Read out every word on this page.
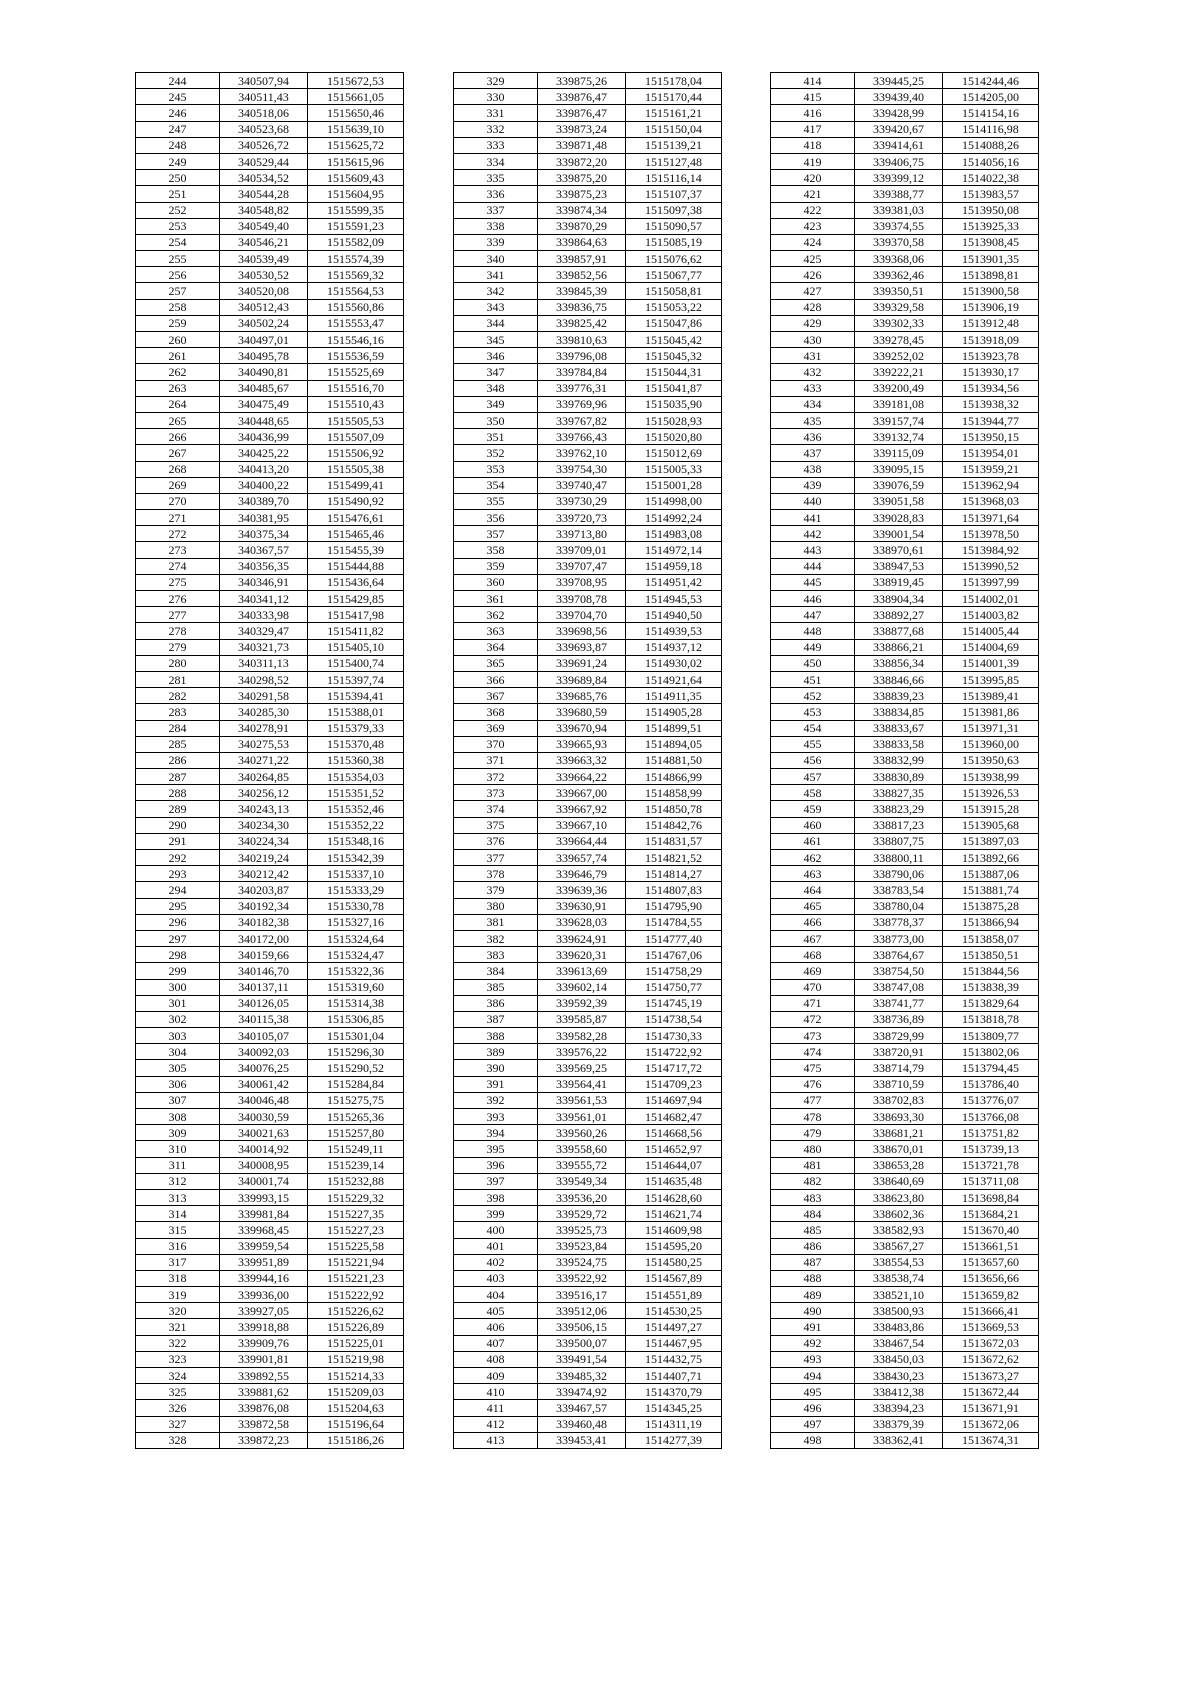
244	340507,94	1515672,53
245	340511,43	1515661,05
246	340518,06	1515650,46
247	340523,68	1515639,10
248	340526,72	1515625,72
249	340529,44	1515615,96
250	340534,52	1515609,43
251	340544,28	1515604,95
252	340548,82	1515599,35
253	340549,40	1515591,23
254	340546,21	1515582,09
255	340539,49	1515574,39
256	340530,52	1515569,32
257	340520,08	1515564,53
258	340512,43	1515560,86
259	340502,24	1515553,47
260	340497,01	1515546,16
261	340495,78	1515536,59
262	340490,81	1515525,69
263	340485,67	1515516,70
264	340475,49	1515510,43
265	340448,65	1515505,53
266	340436,99	1515507,09
267	340425,22	1515506,92
268	340413,20	1515505,38
269	340400,22	1515499,41
270	340389,70	1515490,92
271	340381,95	1515476,61
272	340375,34	1515465,46
273	340367,57	1515455,39
274	340356,35	1515444,88
275	340346,91	1515436,64
276	340341,12	1515429,85
277	340333,98	1515417,98
278	340329,47	1515411,82
279	340321,73	1515405,10
280	340311,13	1515400,74
281	340298,52	1515397,74
282	340291,58	1515394,41
283	340285,30	1515388,01
284	340278,91	1515379,33
285	340275,53	1515370,48
286	340271,22	1515360,38
287	340264,85	1515354,03
288	340256,12	1515351,52
289	340243,13	1515352,46
290	340234,30	1515352,22
291	340224,34	1515348,16
292	340219,24	1515342,39
293	340212,42	1515337,10
294	340203,87	1515333,29
295	340192,34	1515330,78
296	340182,38	1515327,16
297	340172,00	1515324,64
298	340159,66	1515324,47
299	340146,70	1515322,36
300	340137,11	1515319,60
301	340126,05	1515314,38
302	340115,38	1515306,85
303	340105,07	1515301,04
304	340092,03	1515296,30
305	340076,25	1515290,52
306	340061,42	1515284,84
307	340046,48	1515275,75
308	340030,59	1515265,36
309	340021,63	1515257,80
310	340014,92	1515249,11
311	340008,95	1515239,14
312	340001,74	1515232,88
313	339993,15	1515229,32
314	339981,84	1515227,35
315	339968,45	1515227,23
316	339959,54	1515225,58
317	339951,89	1515221,94
318	339944,16	1515221,23
319	339936,00	1515222,92
320	339927,05	1515226,62
321	339918,88	1515226,89
322	339909,76	1515225,01
323	339901,81	1515219,98
324	339892,55	1515214,33
325	339881,62	1515209,03
326	339876,08	1515204,63
327	339872,58	1515196,64
328	339872,23	1515186,26
329	339875,26	1515178,04
330	339876,47	1515170,44
331	339876,47	1515161,21
332	339873,24	1515150,04
333	339871,48	1515139,21
334	339872,20	1515127,48
335	339875,20	1515116,14
336	339875,23	1515107,37
337	339874,34	1515097,38
338	339870,29	1515090,57
339	339864,63	1515085,19
340	339857,91	1515076,62
341	339852,56	1515067,77
342	339845,39	1515058,81
343	339836,75	1515053,22
344	339825,42	1515047,86
345	339810,63	1515045,42
346	339796,08	1515045,32
347	339784,84	1515044,31
348	339776,31	1515041,87
349	339769,96	1515035,90
350	339767,82	1515028,93
351	339766,43	1515020,80
352	339762,10	1515012,69
353	339754,30	1515005,33
354	339740,47	1515001,28
355	339730,29	1514998,00
356	339720,73	1514992,24
357	339713,80	1514983,08
358	339709,01	1514972,14
359	339707,47	1514959,18
360	339708,95	1514951,42
361	339708,78	1514945,53
362	339704,70	1514940,50
363	339698,56	1514939,53
364	339693,87	1514937,12
365	339691,24	1514930,02
366	339689,84	1514921,64
367	339685,76	1514911,35
368	339680,59	1514905,28
369	339670,94	1514899,51
370	339665,93	1514894,05
371	339663,32	1514881,50
372	339664,22	1514866,99
373	339667,00	1514858,99
374	339667,92	1514850,78
375	339667,10	1514842,76
376	339664,44	1514831,57
377	339657,74	1514821,52
378	339646,79	1514814,27
379	339639,36	1514807,83
380	339630,91	1514795,90
381	339628,03	1514784,55
382	339624,91	1514777,40
383	339620,31	1514767,06
384	339613,69	1514758,29
385	339602,14	1514750,77
386	339592,39	1514745,19
387	339585,87	1514738,54
388	339582,28	1514730,33
389	339576,22	1514722,92
390	339569,25	1514717,72
391	339564,41	1514709,23
392	339561,53	1514697,94
393	339561,01	1514682,47
394	339560,26	1514668,56
395	339558,60	1514652,97
396	339555,72	1514644,07
397	339549,34	1514635,48
398	339536,20	1514628,60
399	339529,72	1514621,74
400	339525,73	1514609,98
401	339523,84	1514595,20
402	339524,75	1514580,25
403	339522,92	1514567,89
404	339516,17	1514551,89
405	339512,06	1514530,25
406	339506,15	1514497,27
407	339500,07	1514467,95
408	339491,54	1514432,75
409	339485,32	1514407,71
410	339474,92	1514370,79
411	339467,57	1514345,25
412	339460,48	1514311,19
413	339453,41	1514277,39
414	339445,25	1514244,46
415	339439,40	1514205,00
416	339428,99	1514154,16
417	339420,67	1514116,98
418	339414,61	1514088,26
419	339406,75	1514056,16
420	339399,12	1514022,38
421	339388,77	1513983,57
422	339381,03	1513950,08
423	339374,55	1513925,33
424	339370,58	1513908,45
425	339368,06	1513901,35
426	339362,46	1513898,81
427	339350,51	1513900,58
428	339329,58	1513906,19
429	339302,33	1513912,48
430	339278,45	1513918,09
431	339252,02	1513923,78
432	339222,21	1513930,17
433	339200,49	1513934,56
434	339181,08	1513938,32
435	339157,74	1513944,77
436	339132,74	1513950,15
437	339115,09	1513954,01
438	339095,15	1513959,21
439	339076,59	1513962,94
440	339051,58	1513968,03
441	339028,83	1513971,64
442	339001,54	1513978,50
443	338970,61	1513984,92
444	338947,53	1513990,52
445	338919,45	1513997,99
446	338904,34	1514002,01
447	338892,27	1514003,82
448	338877,68	1514005,44
449	338866,21	1514004,69
450	338856,34	1514001,39
451	338846,66	1513995,85
452	338839,23	1513989,41
453	338834,85	1513981,86
454	338833,67	1513971,31
455	338833,58	1513960,00
456	338832,99	1513950,63
457	338830,89	1513938,99
458	338827,35	1513926,53
459	338823,29	1513915,28
460	338817,23	1513905,68
461	338807,75	1513897,03
462	338800,11	1513892,66
463	338790,06	1513887,06
464	338783,54	1513881,74
465	338780,04	1513875,28
466	338778,37	1513866,94
467	338773,00	1513858,07
468	338764,67	1513850,51
469	338754,50	1513844,56
470	338747,08	1513838,39
471	338741,77	1513829,64
472	338736,89	1513818,78
473	338729,99	1513809,77
474	338720,91	1513802,06
475	338714,79	1513794,45
476	338710,59	1513786,40
477	338702,83	1513776,07
478	338693,30	1513766,08
479	338681,21	1513751,82
480	338670,01	1513739,13
481	338653,28	1513721,78
482	338640,69	1513711,08
483	338623,80	1513698,84
484	338602,36	1513684,21
485	338582,93	1513670,40
486	338567,27	1513661,51
487	338554,53	1513657,60
488	338538,74	1513656,66
489	338521,10	1513659,82
490	338500,93	1513666,41
491	338483,86	1513669,53
492	338467,54	1513672,03
493	338450,03	1513672,62
494	338430,23	1513673,27
495	338412,38	1513672,44
496	338394,23	1513671,91
497	338379,39	1513672,06
498	338362,41	1513674,31
